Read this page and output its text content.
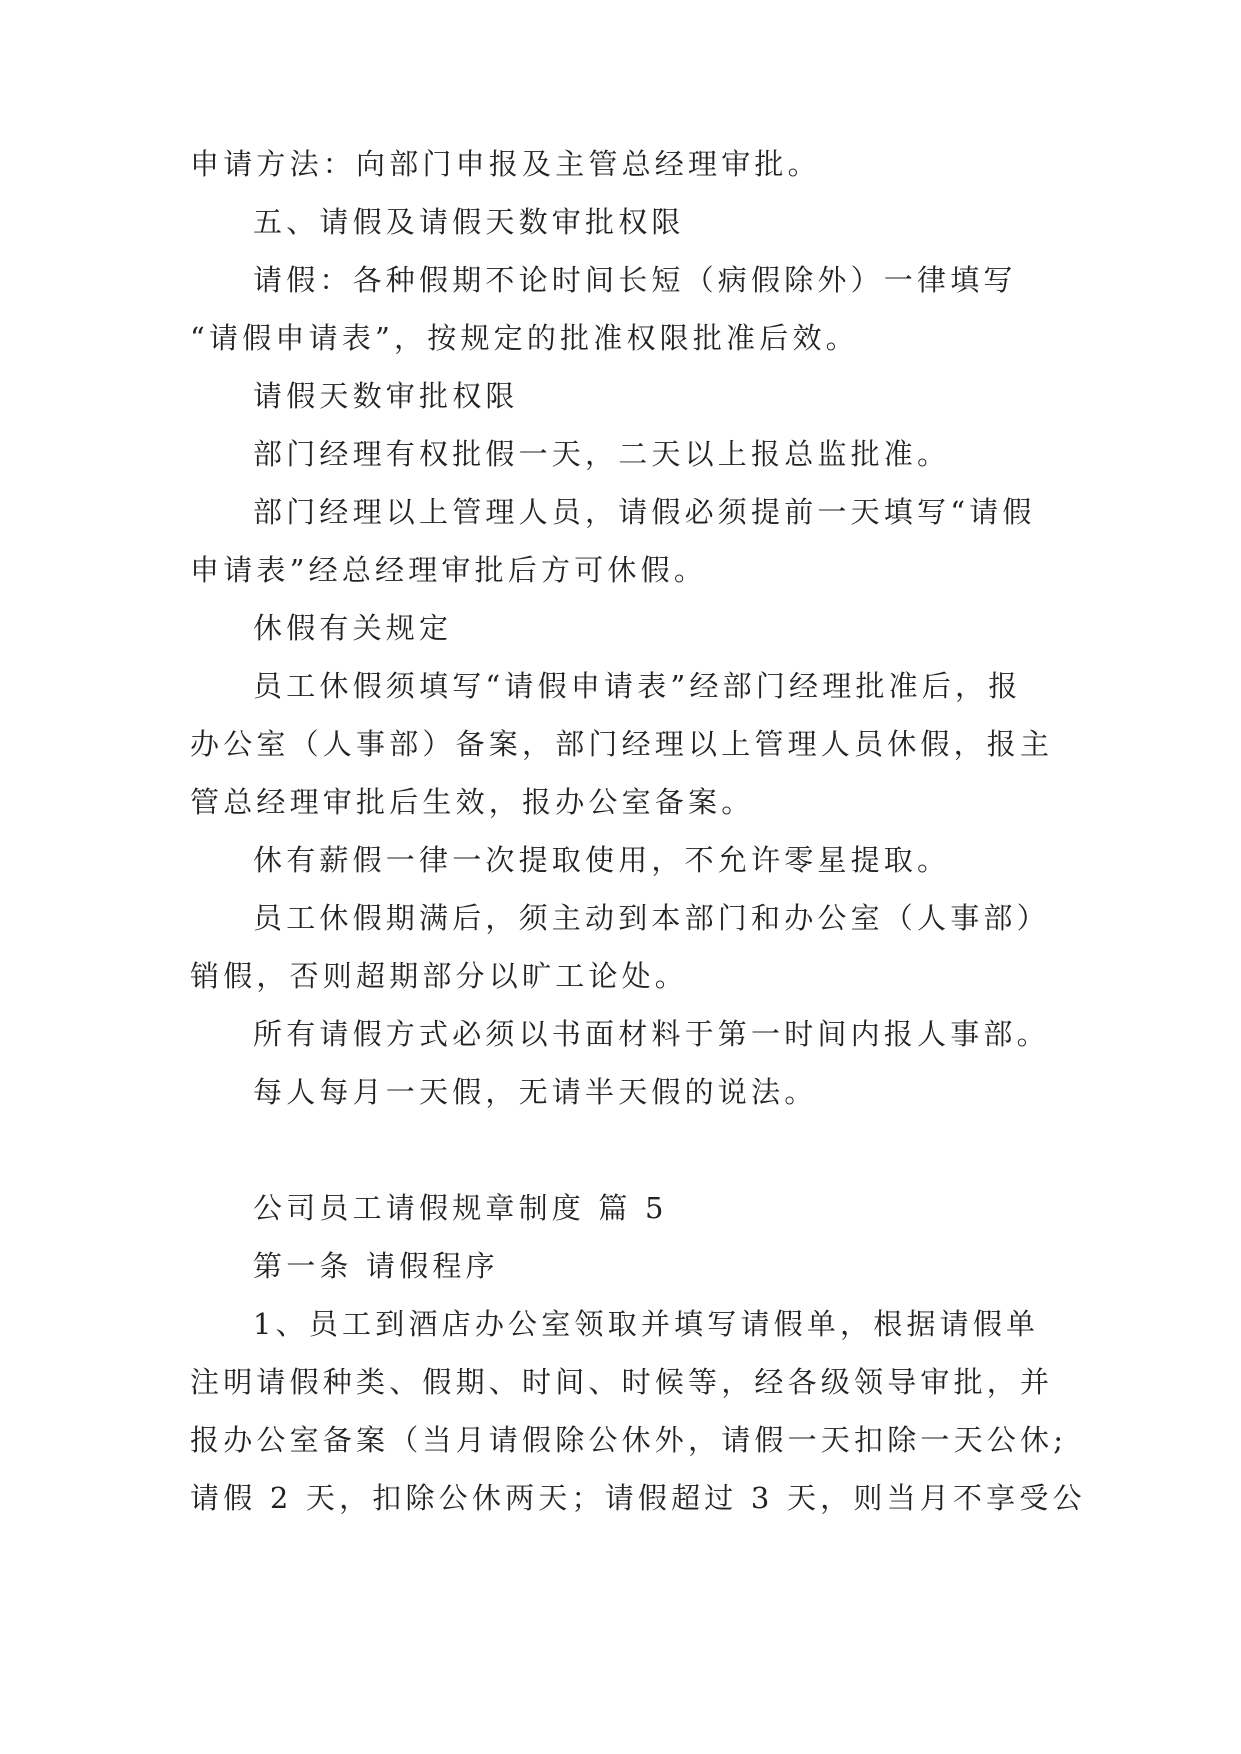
申请方法：向部门申报及主管总经理审批。
五、请假及请假天数审批权限
请假：各种假期不论时间长短（病假除外）一律填写
“请假申请表”，按规定的批准权限批准后效。
请假天数审批权限
部门经理有权批假一天，二天以上报总监批准。
部门经理以上管理人员，请假必须提前一天填写“请假
申请表”经总经理审批后方可休假。
休假有关规定
员工休假须填写“请假申请表”经部门经理批准后，报
办公室（人事部）备案，部门经理以上管理人员休假，报主
管总经理审批后生效，报办公室备案。
休有薪假一律一次提取使用，不允许零星提取。
员工休假期满后，须主动到本部门和办公室（人事部）
销假，否则超期部分以旷工论处。
所有请假方式必须以书面材料于第一时间内报人事部。
每人每月一天假，无请半天假的说法。
公司员工请假规章制度 篇 5
第一条 请假程序
1、员工到酒店办公室领取并填写请假单，根据请假单
注明请假种类、假期、时间、时候等，经各级领导审批，并
报办公室备案（当月请假除公休外，请假一天扣除一天公休;
请假 2 天，扣除公休两天；请假超过 3 天，则当月不享受公
